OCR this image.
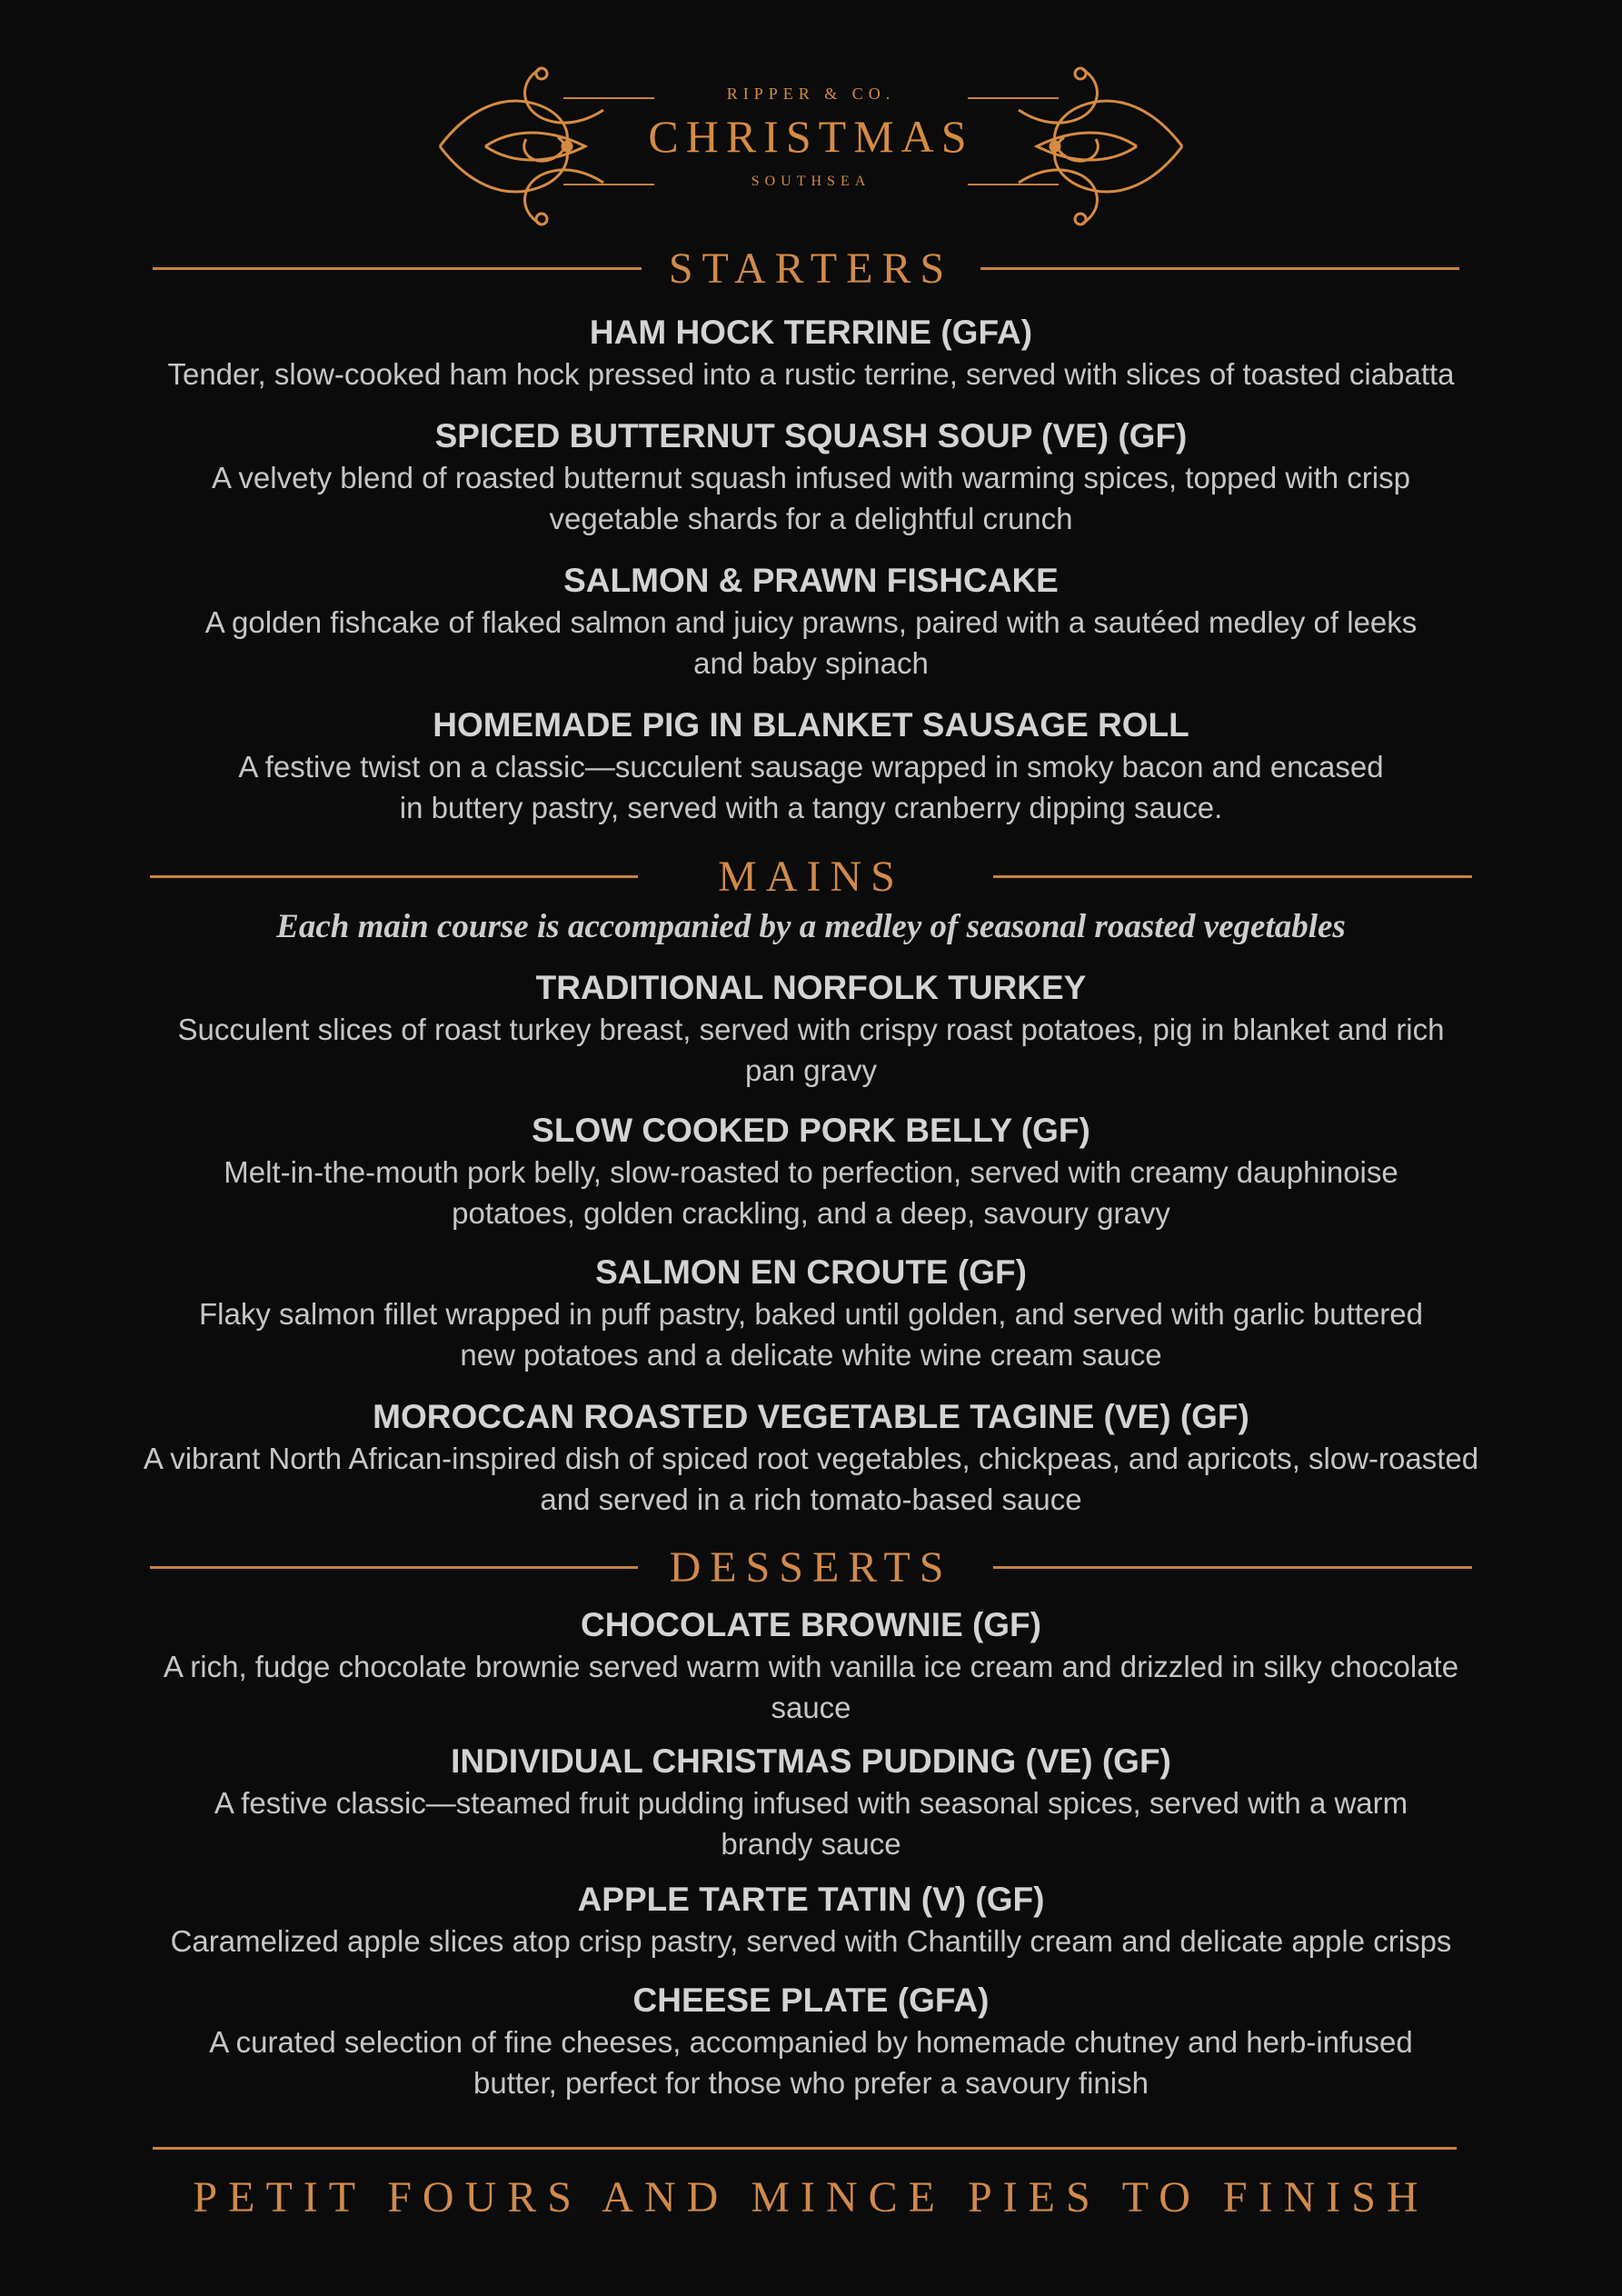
RIPPER & CO.
CHRISTMAS
SOUTHSEA
STARTERS
HAM HOCK TERRINE (GFA)
Tender, slow-cooked ham hock pressed into a rustic terrine, served with slices of toasted ciabatta
SPICED BUTTERNUT SQUASH SOUP (VE) (GF)
A velvety blend of roasted butternut squash infused with warming spices, topped with crisp vegetable shards for a delightful crunch
SALMON & PRAWN FISHCAKE
A golden fishcake of flaked salmon and juicy prawns, paired with a sautéed medley of leeks and baby spinach
HOMEMADE PIG IN BLANKET SAUSAGE ROLL
A festive twist on a classic—succulent sausage wrapped in smoky bacon and encased in buttery pastry, served with a tangy cranberry dipping sauce.
MAINS
Each main course is accompanied by a medley of seasonal roasted vegetables
TRADITIONAL NORFOLK TURKEY
Succulent slices of roast turkey breast, served with crispy roast potatoes, pig in blanket and rich pan gravy
SLOW COOKED PORK BELLY (GF)
Melt-in-the-mouth pork belly, slow-roasted to perfection, served with creamy dauphinoise potatoes, golden crackling, and a deep, savoury gravy
SALMON EN CROUTE (GF)
Flaky salmon fillet wrapped in puff pastry, baked until golden, and served with garlic buttered new potatoes and a delicate white wine cream sauce
MOROCCAN ROASTED VEGETABLE TAGINE (VE) (GF)
A vibrant North African-inspired dish of spiced root vegetables, chickpeas, and apricots, slow-roasted and served in a rich tomato-based sauce
DESSERTS
CHOCOLATE BROWNIE (GF)
A rich, fudge chocolate brownie served warm with vanilla ice cream and drizzled in silky chocolate sauce
INDIVIDUAL CHRISTMAS PUDDING (VE) (GF)
A festive classic—steamed fruit pudding infused with seasonal spices, served with a warm brandy sauce
APPLE TARTE TATIN (V) (GF)
Caramelized apple slices atop crisp pastry, served with Chantilly cream and delicate apple crisps
CHEESE PLATE (GFA)
A curated selection of fine cheeses, accompanied by homemade chutney and herb-infused butter, perfect for those who prefer a savoury finish
PETIT FOURS AND MINCE PIES TO FINISH
